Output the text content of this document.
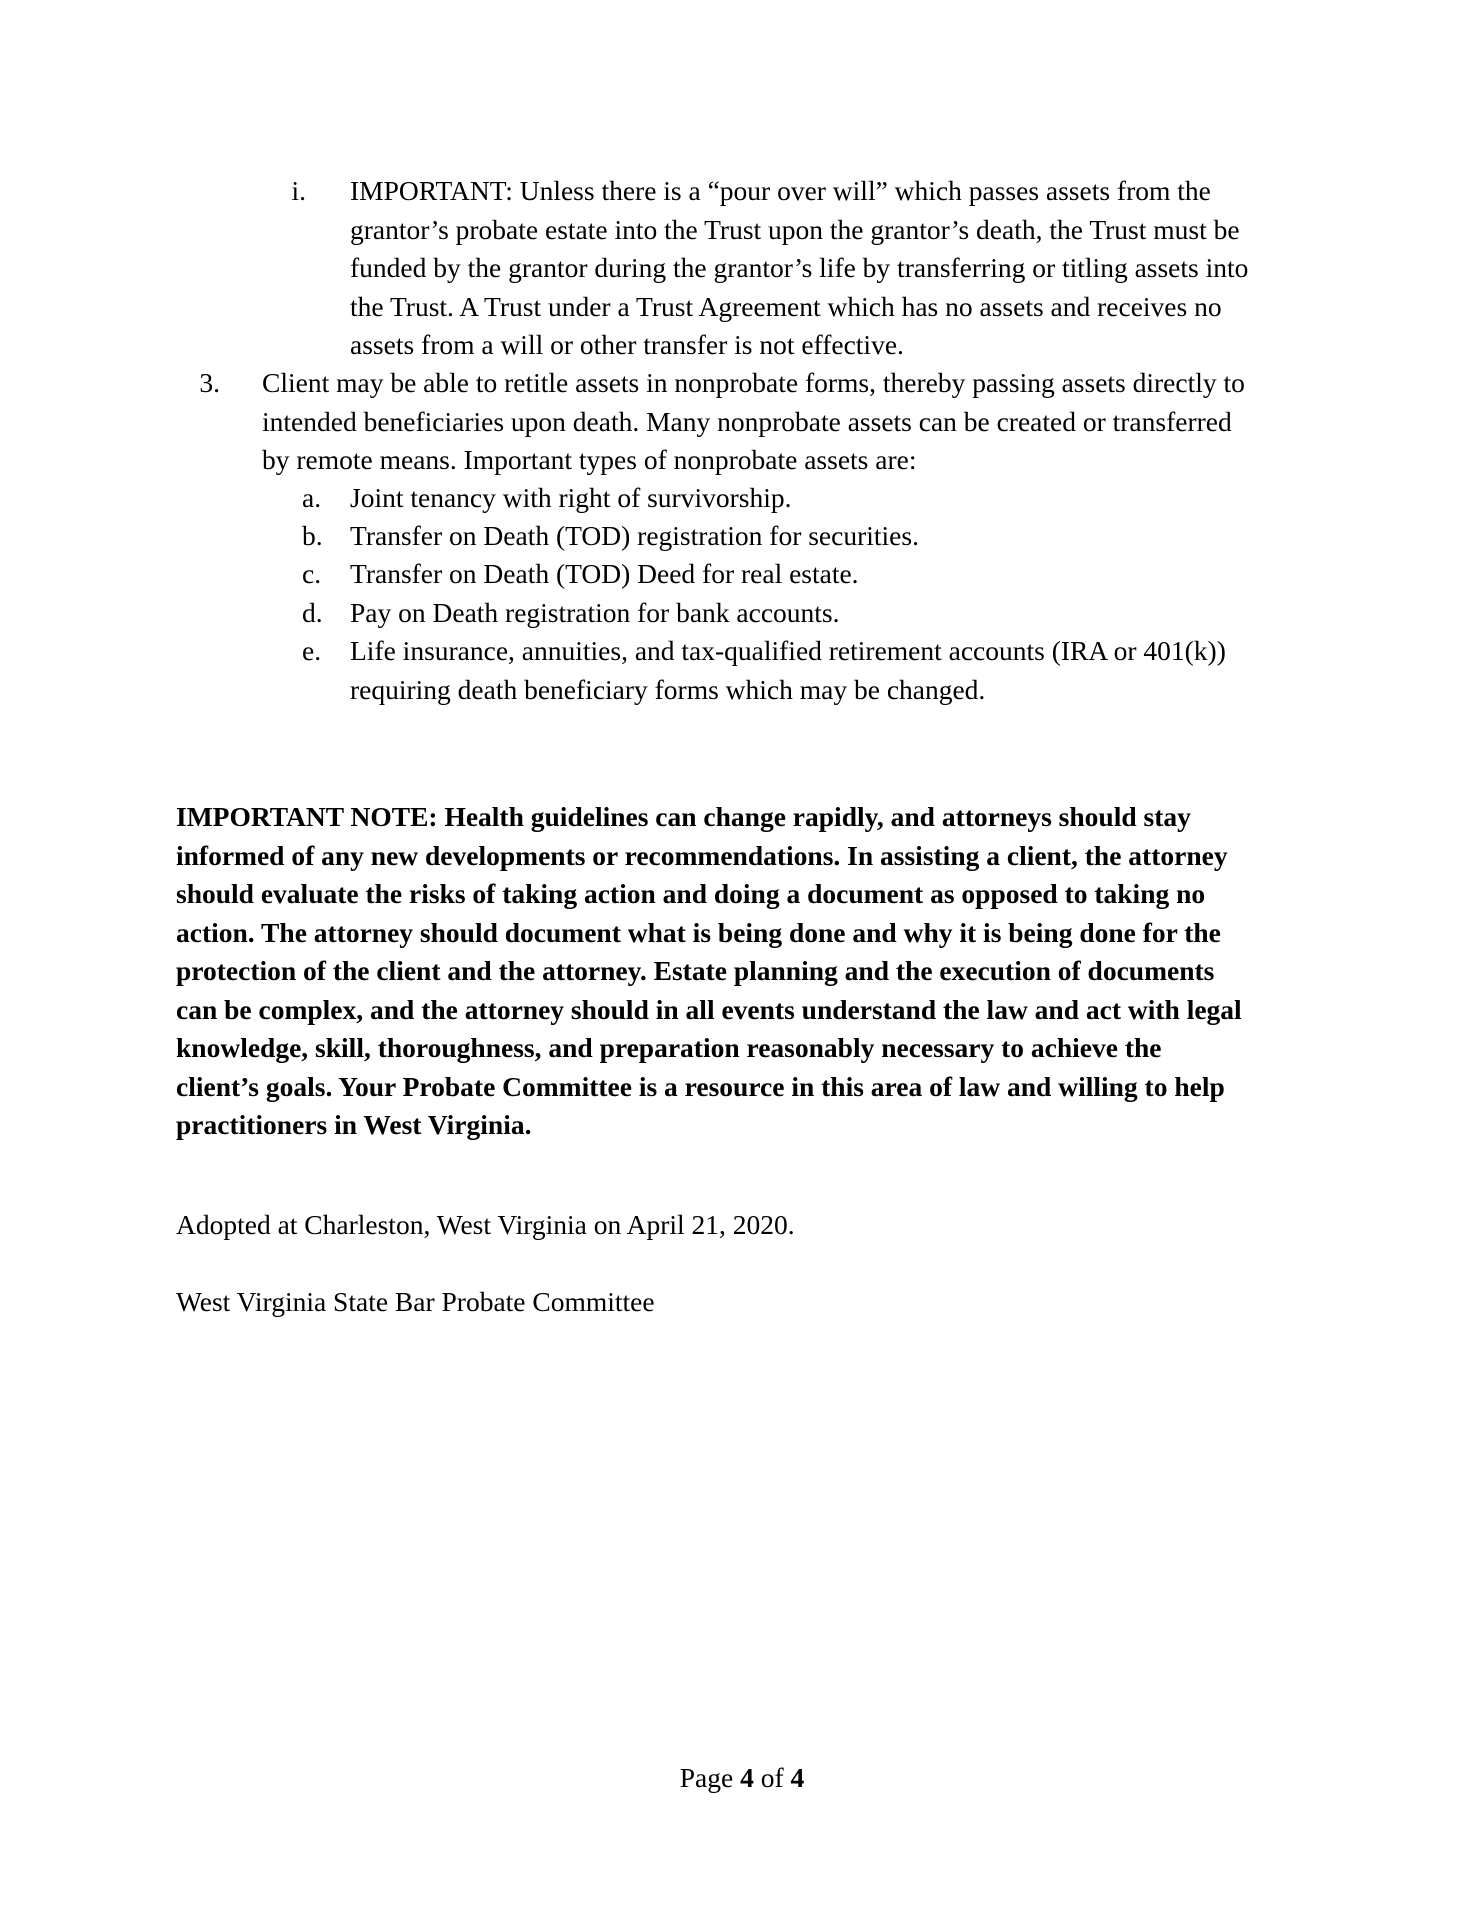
i. IMPORTANT: Unless there is a “pour over will” which passes assets from the
grantor’s probate estate into the Trust upon the grantor’s death, the Trust must be
funded by the grantor during the grantor’s life by transferring or titling assets into
the Trust. A Trust under a Trust Agreement which has no assets and receives no
assets from a will or other transfer is not effective.
3. Client may be able to retitle assets in nonprobate forms, thereby passing assets directly to
intended beneficiaries upon death. Many nonprobate assets can be created or transferred
by remote means. Important types of nonprobate assets are:
a.	Joint tenancy with right of survivorship.
b. Transfer on Death (TOD) registration for securities.
c.	Transfer on Death (TOD) Deed for real estate.
d. Pay on Death registration for bank accounts.
e.	Life insurance, annuities, and tax-qualified retirement accounts (IRA or 401(k))
requiring death beneficiary forms which may be changed.
IMPORTANT NOTE: Health guidelines can change rapidly, and attorneys should stay
informed of any new developments or recommendations. In assisting a client, the attorney
should evaluate the risks of taking action and doing a document as opposed to taking no
action. The attorney should document what is being done and why it is being done for the
protection of the client and the attorney. Estate planning and the execution of documents
can be complex, and the attorney should in all events understand the law and act with legal
knowledge, skill, thoroughness, and preparation reasonably necessary to achieve the
client’s goals. Your Probate Committee is a resource in this area of law and willing to help
practitioners in West Virginia.

Adopted at Charleston, West Virginia on April 21, 2020.

West Virginia State Bar Probate Committee

Page 4 of 4
